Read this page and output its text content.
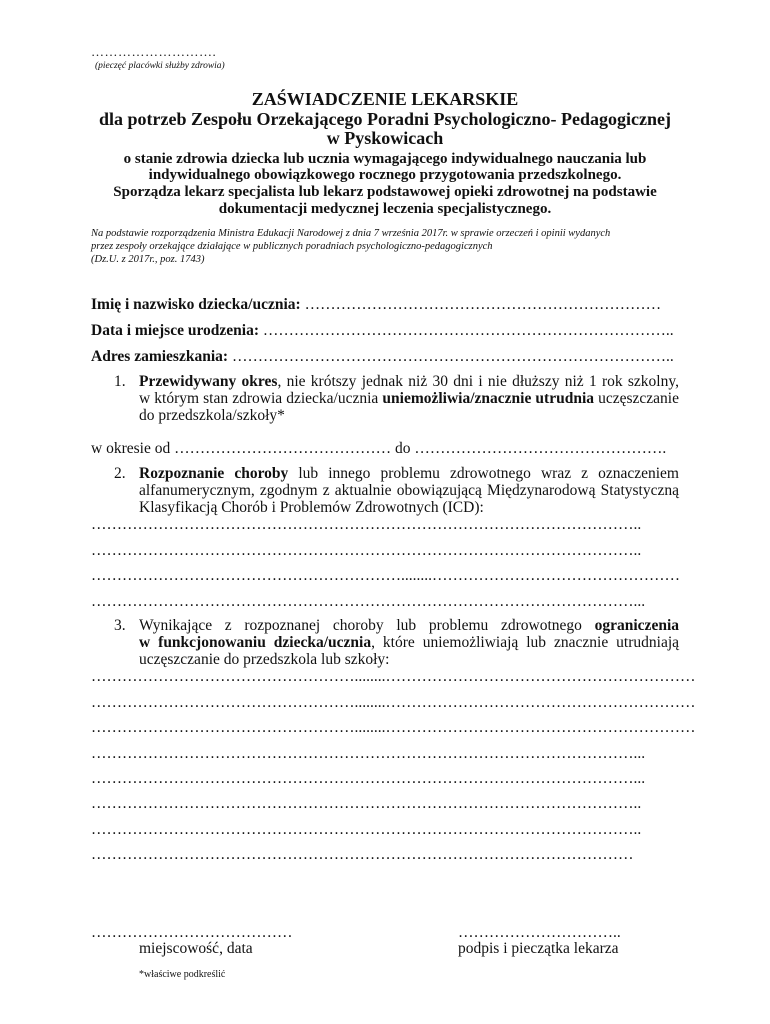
……………………….
(pieczęć placówki służby zdrowia)
ZAŚWIADCZENIE LEKARSKIE
dla potrzeb Zespołu Orzekającego Poradni Psychologiczno- Pedagogicznej
w Pyskowicach
o stanie zdrowia dziecka lub ucznia wymagającego indywidualnego nauczania lub
indywidualnego obowiązkowego rocznego przygotowania przedszkolnego.
Sporządza lekarz specjalista lub lekarz podstawowej opieki zdrowotnej na podstawie
dokumentacji medycznej leczenia specjalistycznego.
Na podstawie rozporządzenia Ministra Edukacji Narodowej z dnia 7 września 2017r. w sprawie orzeczeń i opinii wydanych
przez zespoły orzekające działające w publicznych poradniach psychologiczno-pedagogicznych
(Dz.U. z 2017r., poz. 1743)
Imię i nazwisko dziecka/ucznia: ……………………………………………………………
Data i miejsce urodzenia: ……………………………………………………………………..
Adres zamieszkania: …………………………………………………………………………..
1. Przewidywany okres, nie krótszy jednak niż 30 dni i nie dłuższy niż 1 rok szkolny,
w którym stan zdrowia dziecka/ucznia uniemożliwia/znacznie utrudnia uczęszczanie
do przedszkola/szkoły*
w okresie od …………………………………… do ………………………………………….
2. Rozpoznanie choroby lub innego problemu zdrowotnego wraz z oznaczeniem
alfanumerycznym, zgodnym z aktualnie obowiązującą Międzynarodową Statystyczną
Klasyfikacją Chorób i Problemów Zdrowotnych (ICD):
……………………………………………………………………………………………..
……………………………………………………………………………………………..
……………………………………………………........…………………………………………
……………………………………………………………………………………………...
3. Wynikające z rozpoznanej choroby lub problemu zdrowotnego ograniczenia
w funkcjonowaniu dziecka/ucznia, które uniemożliwiają lub znacznie utrudniają
uczęszczanie do przedszkola lub szkoły:
……………………………………………........……………………………………………………
……………………………………………........……………………………………………………
……………………………………………........……………………………………………………
……………………………………………………………………………………………...
……………………………………………………………………………………………...
……………………………………………………………………………………………..
……………………………………………………………………………………………..
……………………………………………………………………………………………
…………………………………
miejscowość, data
…………………………..
podpis i pieczątka lekarza
*właściwe podkreślić
